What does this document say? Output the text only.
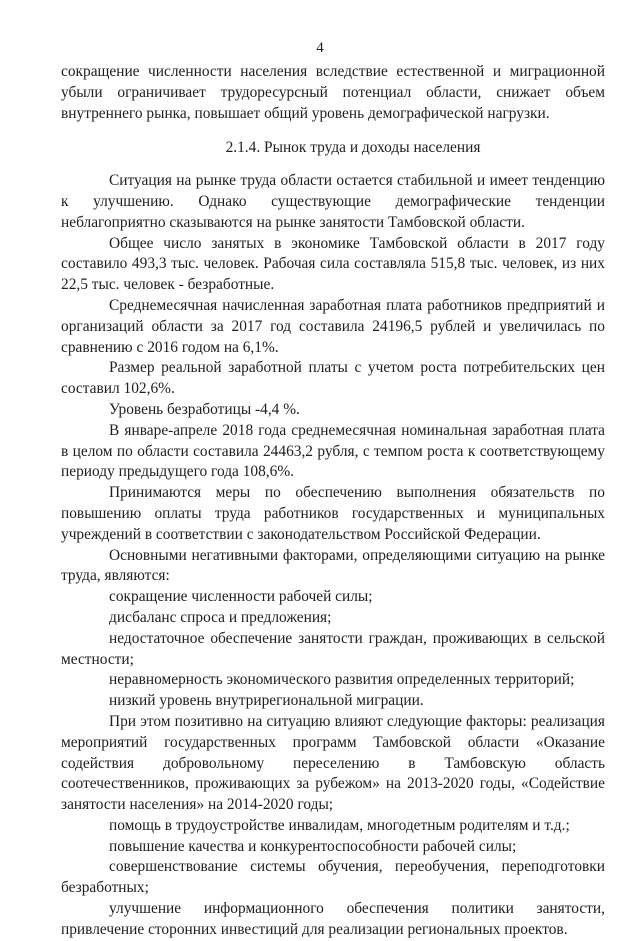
4

сокращение численности населения вследствие естественной и миграционной убыли ограничивает трудоресурсный потенциал области, снижает объем внутреннего рынка, повышает общий уровень демографической нагрузки.

2.1.4. Рынок труда и доходы населения

Ситуация на рынке труда области остается стабильной и имеет тенденцию к улучшению. Однако существующие демографические тенденции неблагоприятно сказываются на рынке занятости Тамбовской области.

Общее число занятых в экономике Тамбовской области в 2017 году составило 493,3 тыс. человек. Рабочая сила составляла 515,8 тыс. человек, из них 22,5 тыс. человек - безработные.

Среднемесячная начисленная заработная плата работников предприятий и организаций области за 2017 год составила 24196,5 рублей и увеличилась по сравнению с 2016 годом на 6,1%.

Размер реальной заработной платы с учетом роста потребительских цен составил 102,6%.

Уровень безработицы -4,4 %.

В январе-апреле 2018 года среднемесячная номинальная заработная плата в целом по области составила 24463,2 рубля, с темпом роста к соответствующему периоду предыдущего года 108,6%.

Принимаются меры по обеспечению выполнения обязательств по повышению оплаты труда работников государственных и муниципальных учреждений в соответствии с законодательством Российской Федерации.

Основными негативными факторами, определяющими ситуацию на рынке труда, являются:

сокращение численности рабочей силы;

дисбаланс спроса и предложения;

недостаточное обеспечение занятости граждан, проживающих в сельской местности;

неравномерность экономического развития определенных территорий;

низкий уровень внутрирегиональной миграции.

При этом позитивно на ситуацию влияют следующие факторы: реализация мероприятий государственных программ Тамбовской области «Оказание содействия добровольному переселению в Тамбовскую область соотечественников, проживающих за рубежом» на 2013-2020 годы, «Содействие занятости населения» на 2014-2020 годы;

помощь в трудоустройстве инвалидам, многодетным родителям и т.д.;

повышение качества и конкурентоспособности рабочей силы;

совершенствование системы обучения, переобучения, переподготовки безработных;

улучшение информационного обеспечения политики занятости, привлечение сторонних инвестиций для реализации региональных проектов.
